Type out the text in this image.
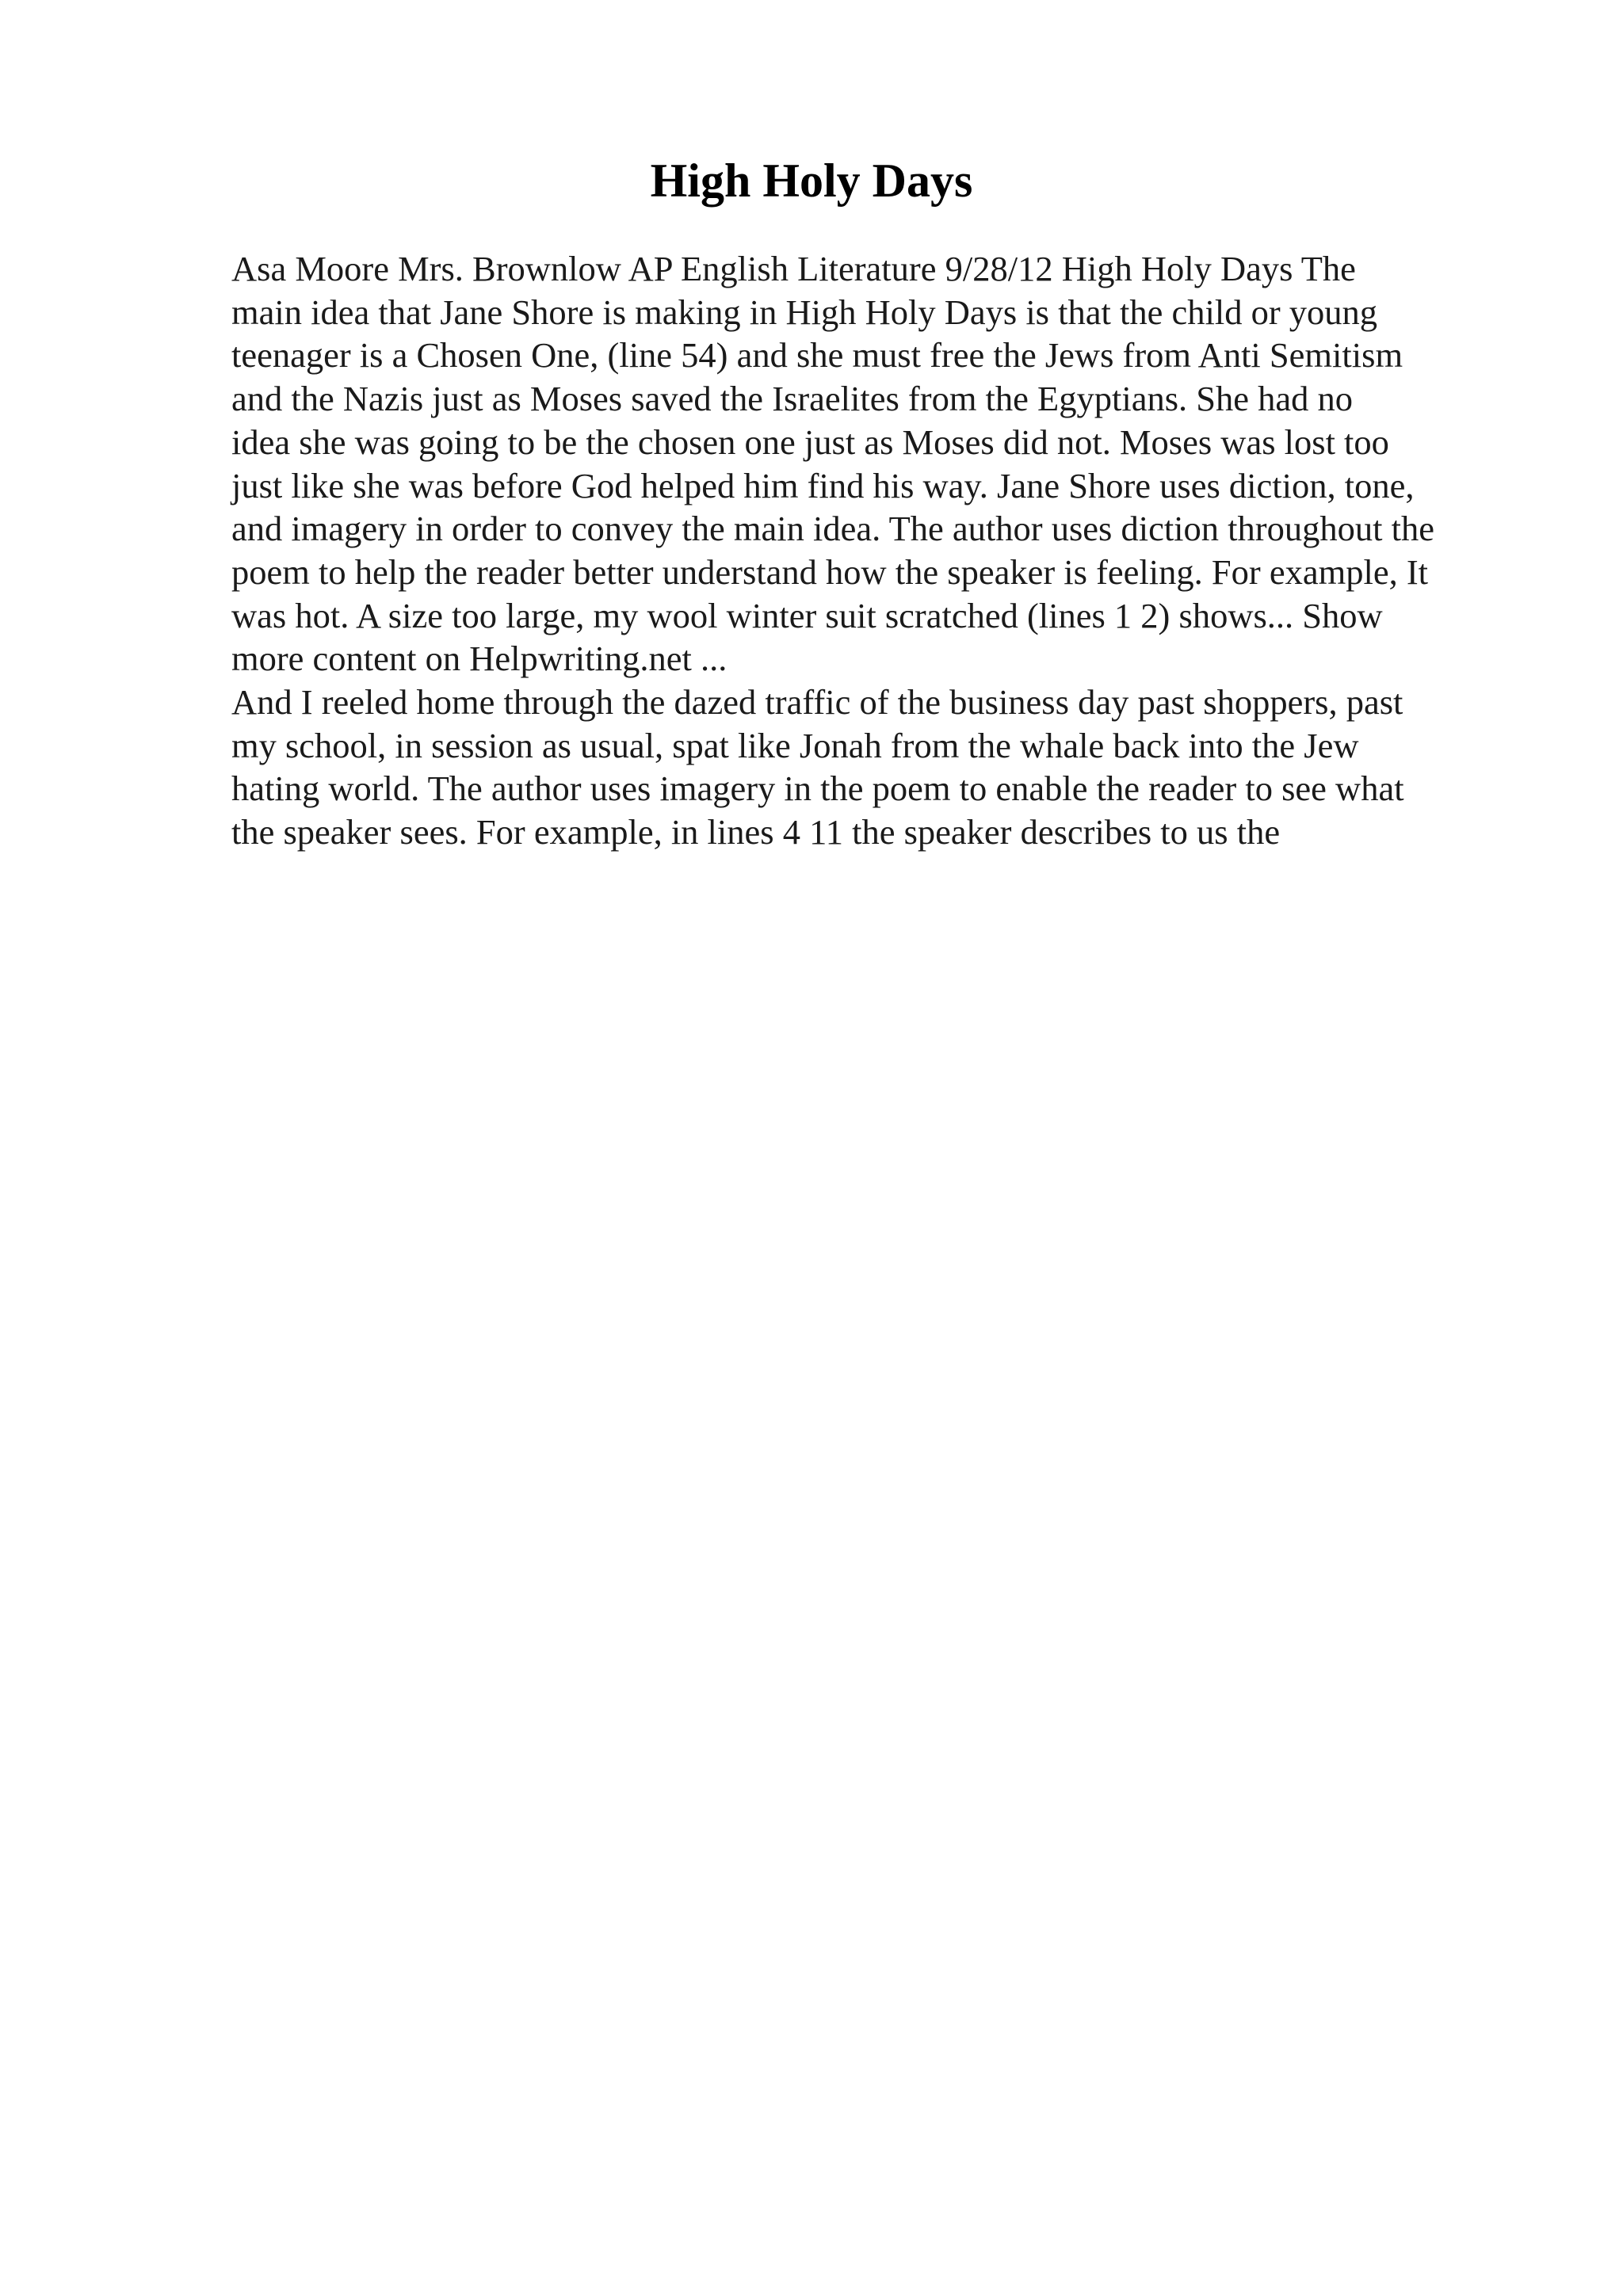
High Holy Days
Asa Moore Mrs. Brownlow AP English Literature 9/28/12 High Holy Days The
main idea that Jane Shore is making in High Holy Days is that the child or young
teenager is a Chosen One, (line 54) and she must free the Jews from Anti Semitism
and the Nazis just as Moses saved the Israelites from the Egyptians. She had no
idea she was going to be the chosen one just as Moses did not. Moses was lost too
just like she was before God helped him find his way. Jane Shore uses diction, tone,
and imagery in order to convey the main idea. The author uses diction throughout the
poem to help the reader better understand how the speaker is feeling. For example, It
was hot. A size too large, my wool winter suit scratched (lines 1 2) shows... Show
more content on Helpwriting.net ...
And I reeled home through the dazed traffic of the business day past shoppers, past
my school, in session as usual, spat like Jonah from the whale back into the Jew
hating world. The author uses imagery in the poem to enable the reader to see what
the speaker sees. For example, in lines 4 11 the speaker describes to us the
